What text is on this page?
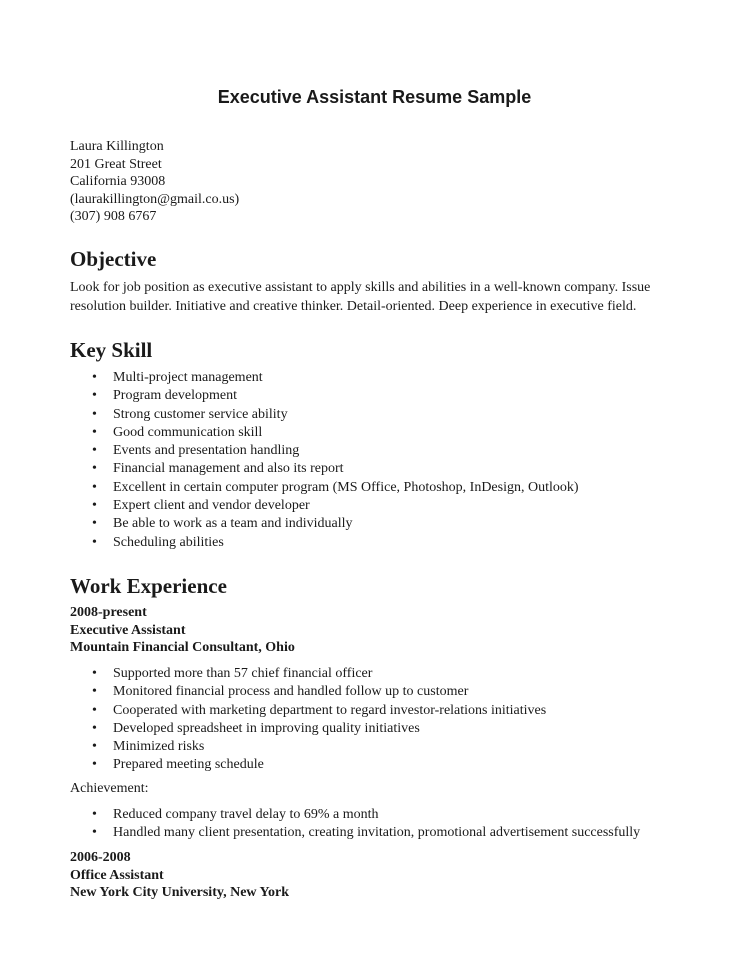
Executive Assistant Resume Sample
Laura Killington
201 Great Street
California 93008
(laurakillington@gmail.co.us)
(307) 908 6767
Objective

Look for job position as executive assistant to apply skills and abilities in a well-known company. Issue resolution builder. Initiative and creative thinker. Detail-oriented. Deep experience in executive field.

Key Skill
• Multi-project management
• Program development
• Strong customer service ability
• Good communication skill
• Events and presentation handling
• Financial management and also its report
• Excellent in certain computer program (MS Office, Photoshop, InDesign, Outlook)
• Expert client and vendor developer
• Be able to work as a team and individually
• Scheduling abilities
Work Experience
2008-present
Executive Assistant
Mountain Financial Consultant, Ohio
• Supported more than 57 chief financial officer
• Monitored financial process and handled follow up to customer
• Cooperated with marketing department to regard investor-relations initiatives
• Developed spreadsheet in improving quality initiatives
• Minimized risks
• Prepared meeting schedule
Achievement:
• Reduced company travel delay to 69% a month
• Handled many client presentation, creating invitation, promotional advertisement successfully
2006-2008
Office Assistant
New York City University, New York
